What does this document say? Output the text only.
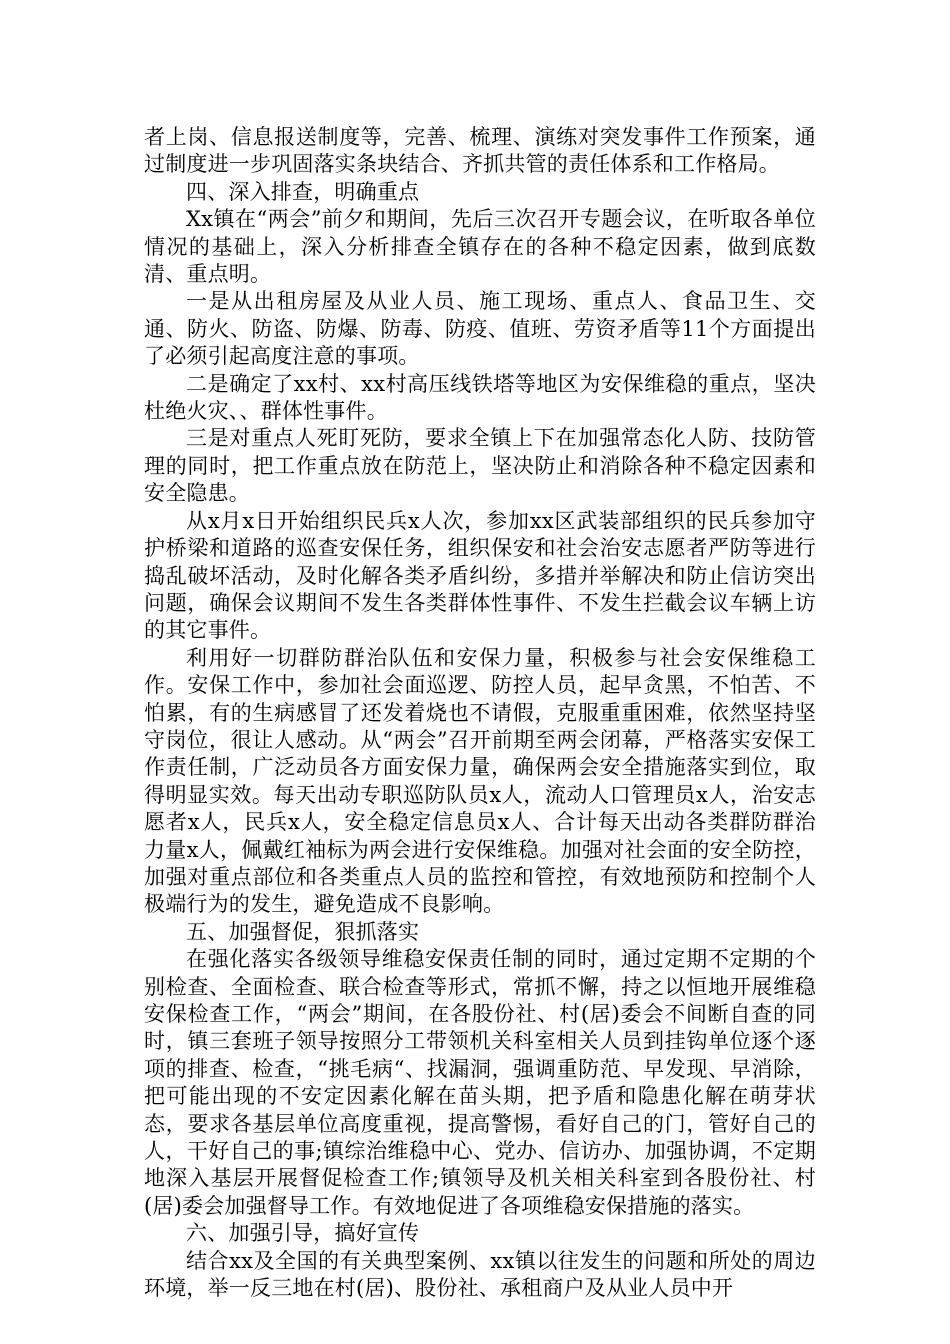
者上岗、信息报送制度等，完善、梳理、演练对突发事件工作预案，通过制度进一步巩固落实条块结合、齐抓共管的责任体系和工作格局。

四、深入排查，明确重点

Xx镇在“两会”前夕和期间，先后三次召开专题会议，在听取各单位情况的基础上，深入分析排查全镇存在的各种不稳定因素，做到底数清、重点明。

一是从出租房屋及从业人员、施工现场、重点人、食品卫生、交通、防火、防盗、防爆、防毒、防疫、值班、劳资矛盾等11个方面提出了必须引起高度注意的事项。

二是确定了xx村、xx村高压线铁塔等地区为安保维稳的重点，坚决杜绝火灾、、群体性事件。

三是对重点人死盯死防，要求全镇上下在加强常态化人防、技防管理的同时，把工作重点放在防范上，坚决防止和消除各种不稳定因素和安全隐患。

从x月x日开始组织民兵x人次，参加xx区武装部组织的民兵参加守护桥梁和道路的巡查安保任务，组织保安和社会治安志愿者严防等进行捣乱破坏活动，及时化解各类矛盾纠纷，多措并举解决和防止信访突出问题，确保会议期间不发生各类群体性事件、不发生拦截会议车辆上访的其它事件。

利用好一切群防群治队伍和安保力量，积极参与社会安保维稳工作。安保工作中，参加社会面巡逻、防控人员，起早贪黑，不怕苦、不怕累，有的生病感冒了还发着烧也不请假，克服重重困难，依然坚持坚守岗位，很让人感动。从“两会”召开前期至两会闭幕，严格落实安保工作责任制，广泛动员各方面安保力量，确保两会安全措施落实到位，取得明显实效。每天出动专职巡防队员x人，流动人口管理员x人，治安志愿者x人，民兵x人，安全稳定信息员x人、合计每天出动各类群防群治力量x人，佩戴红袖标为两会进行安保维稳。加强对社会面的安全防控，加强对重点部位和各类重点人员的监控和管控，有效地预防和控制个人极端行为的发生，避免造成不良影响。

五、加强督促，狠抓落实

在强化落实各级领导维稳安保责任制的同时，通过定期不定期的个别检查、全面检查、联合检查等形式，常抓不懈，持之以恒地开展维稳安保检查工作，“两会”期间，在各股份社、村(居)委会不间断自查的同时，镇三套班子领导按照分工带领机关科室相关人员到挂钩单位逐个逐项的排查、检查，“挑毛病“、找漏洞，强调重防范、早发现、早消除，把可能出现的不安定因素化解在苗头期，把予盾和隐患化解在萌芽状态，要求各基层单位高度重视，提高警惕，看好自己的门，管好自己的人，干好自己的事;镇综治维稳中心、党办、信访办、加强协调，不定期地深入基层开展督促检查工作;镇领导及机关相关科室到各股份社、村(居)委会加强督导工作。有效地促进了各项维稳安保措施的落实。

六、加强引导，搞好宣传

结合xx及全国的有关典型案例、xx镇以往发生的问题和所处的周边环境，举一反三地在村(居)、股份社、承租商户及从业人员中开
